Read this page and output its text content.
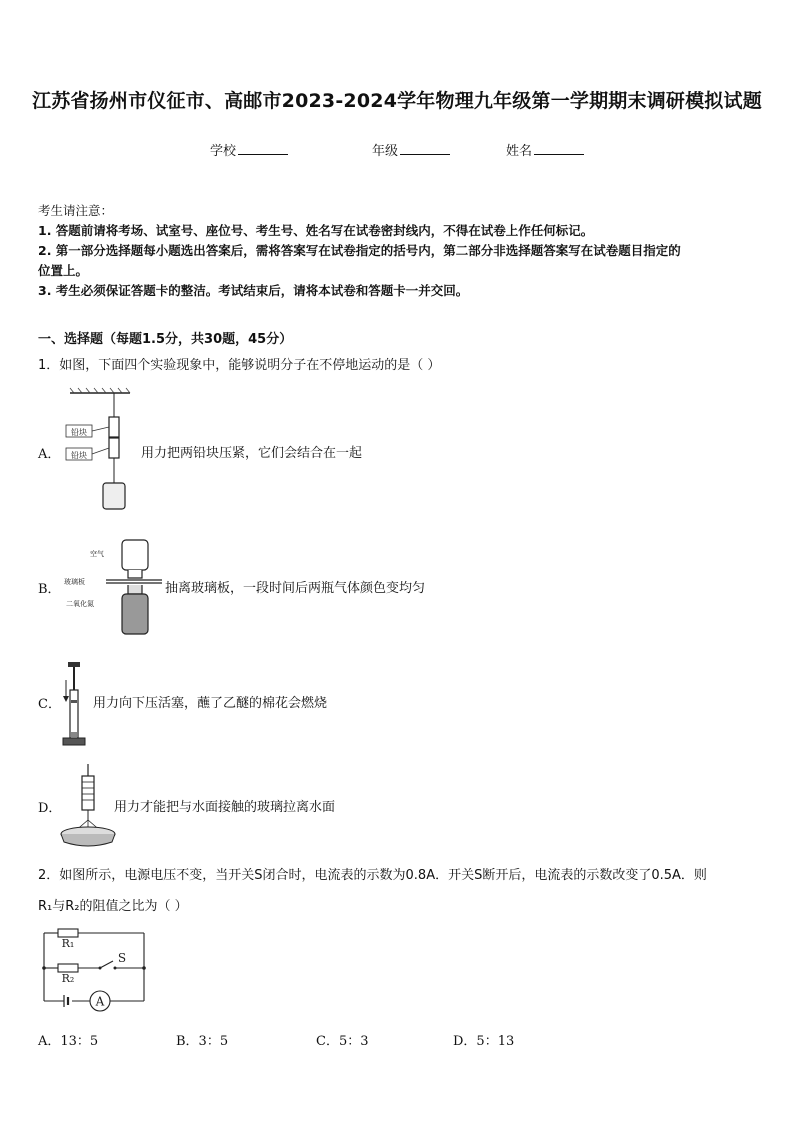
江苏省扬州市仪征市、高邮市2023-2024学年物理九年级第一学期期末调研模拟试题
学校	年级	姓名
考生请注意：
1. 答题前请将考场、试室号、座位号、考生号、姓名写在试卷密封线内，不得在试卷上作任何标记。
2. 第一部分选择题每小题选出答案后，需将答案写在试卷指定的括号内，第二部分非选择题答案写在试卷题目指定的
位置上。
3. 考生必须保证答题卡的整洁。考试结束后，请将本试卷和答题卡一并交回。
一、选择题（每题1.5分，共30题，45分）
1．如图，下面四个实验现象中，能够说明分子在不停地运动的是（ ）
A．
铅块
铅块	用力把两铅块压紧，它们会结合在一起
B．
空气
玻璃板
二氧化氮
抽离玻璃板，一段时间后两瓶气体颜色变均匀
C． 用力向下压活塞，蘸了乙醚的棉花会燃烧
D．	用力才能把与水面接触的玻璃拉离水面
2．如图所示，电源电压不变，当开关S闭合时，电流表的示数为0.8A．开关S断开后，电流表的示数改变了0.5A．则
R₁与R₂的阻值之比为（ ）
A
R₁
R₂
S
A．13：5	B．3：5	C．5：3	D．5：13
